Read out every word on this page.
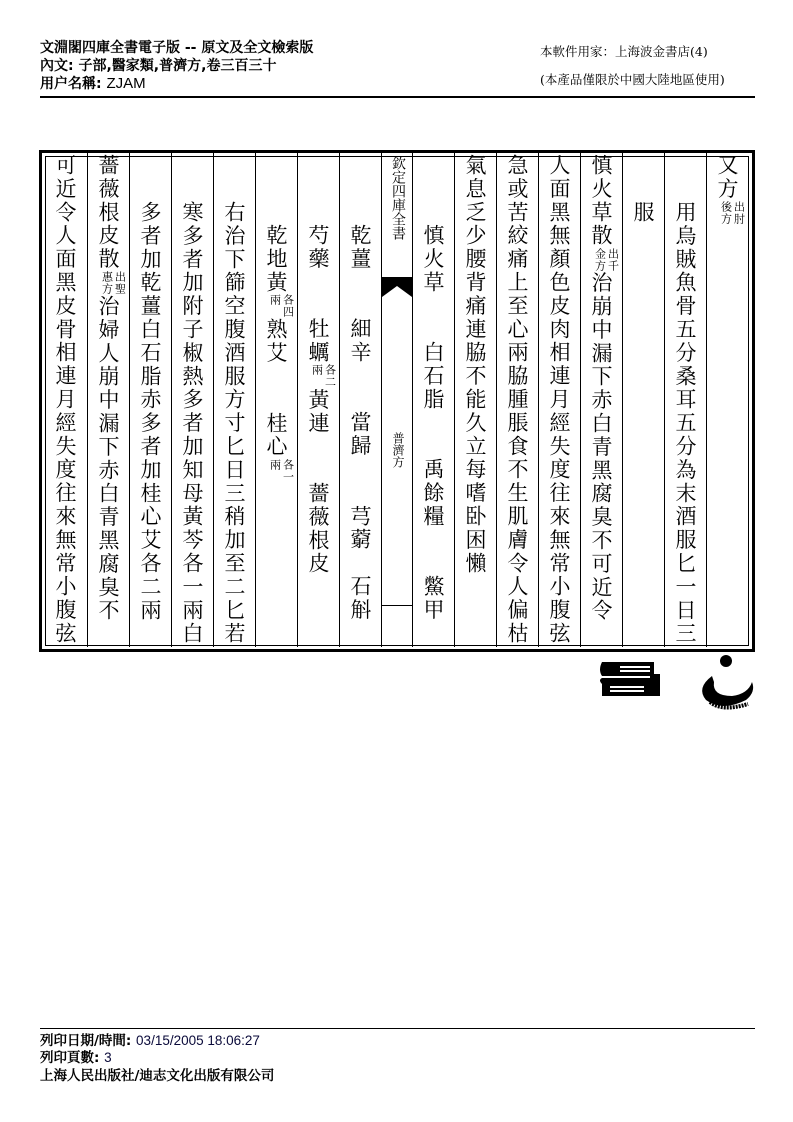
文淵閣四庫全書電子版 -- 原文及全文檢索版
內文: 子部,醫家類,普濟方,卷三百三十
用户名稱: ZJAM
本軟件用家：上海波金書店(4)
(本產品僅限於中國大陸地區使用)
欽定四庫全書
普濟方
又方
出肘
後方
用烏賊魚骨五分桑耳五分為末酒服匕一日三
服
慎火草散
出千
金方
治崩中漏下赤白青黑腐臭不可近令
人面黑無顏色皮肉相連月經失度往來無常小腹弦
急或苦絞痛上至心兩脇腫脹食不生肌膚令人偏枯
氣息乏少腰背痛連脇不能久立每嗜卧困懶
慎火草　　白石脂　　禹餘糧　　鱉甲
乾薑　　細辛　　當歸　　芎藭　石斛
芍藥　　牡蠣
各二
兩
黃連　　薔薇根皮
乾地黃
各四
兩
熟艾　　桂心
各一
兩
右治下篩空腹酒服方寸匕日三稍加至二匕若
寒多者加附子椒熱多者加知母黃芩各一兩白
多者加乾薑白石脂赤多者加桂心艾各二兩
薔薇根皮散
出聖
惠方
治婦人崩中漏下赤白青黑腐臭不
可近令人面黑皮骨相連月經失度往來無常小腹弦
列印日期/時間: 03/15/2005 18:06:27
列印頁數: 3
上海人民出版社/迪志文化出版有限公司
